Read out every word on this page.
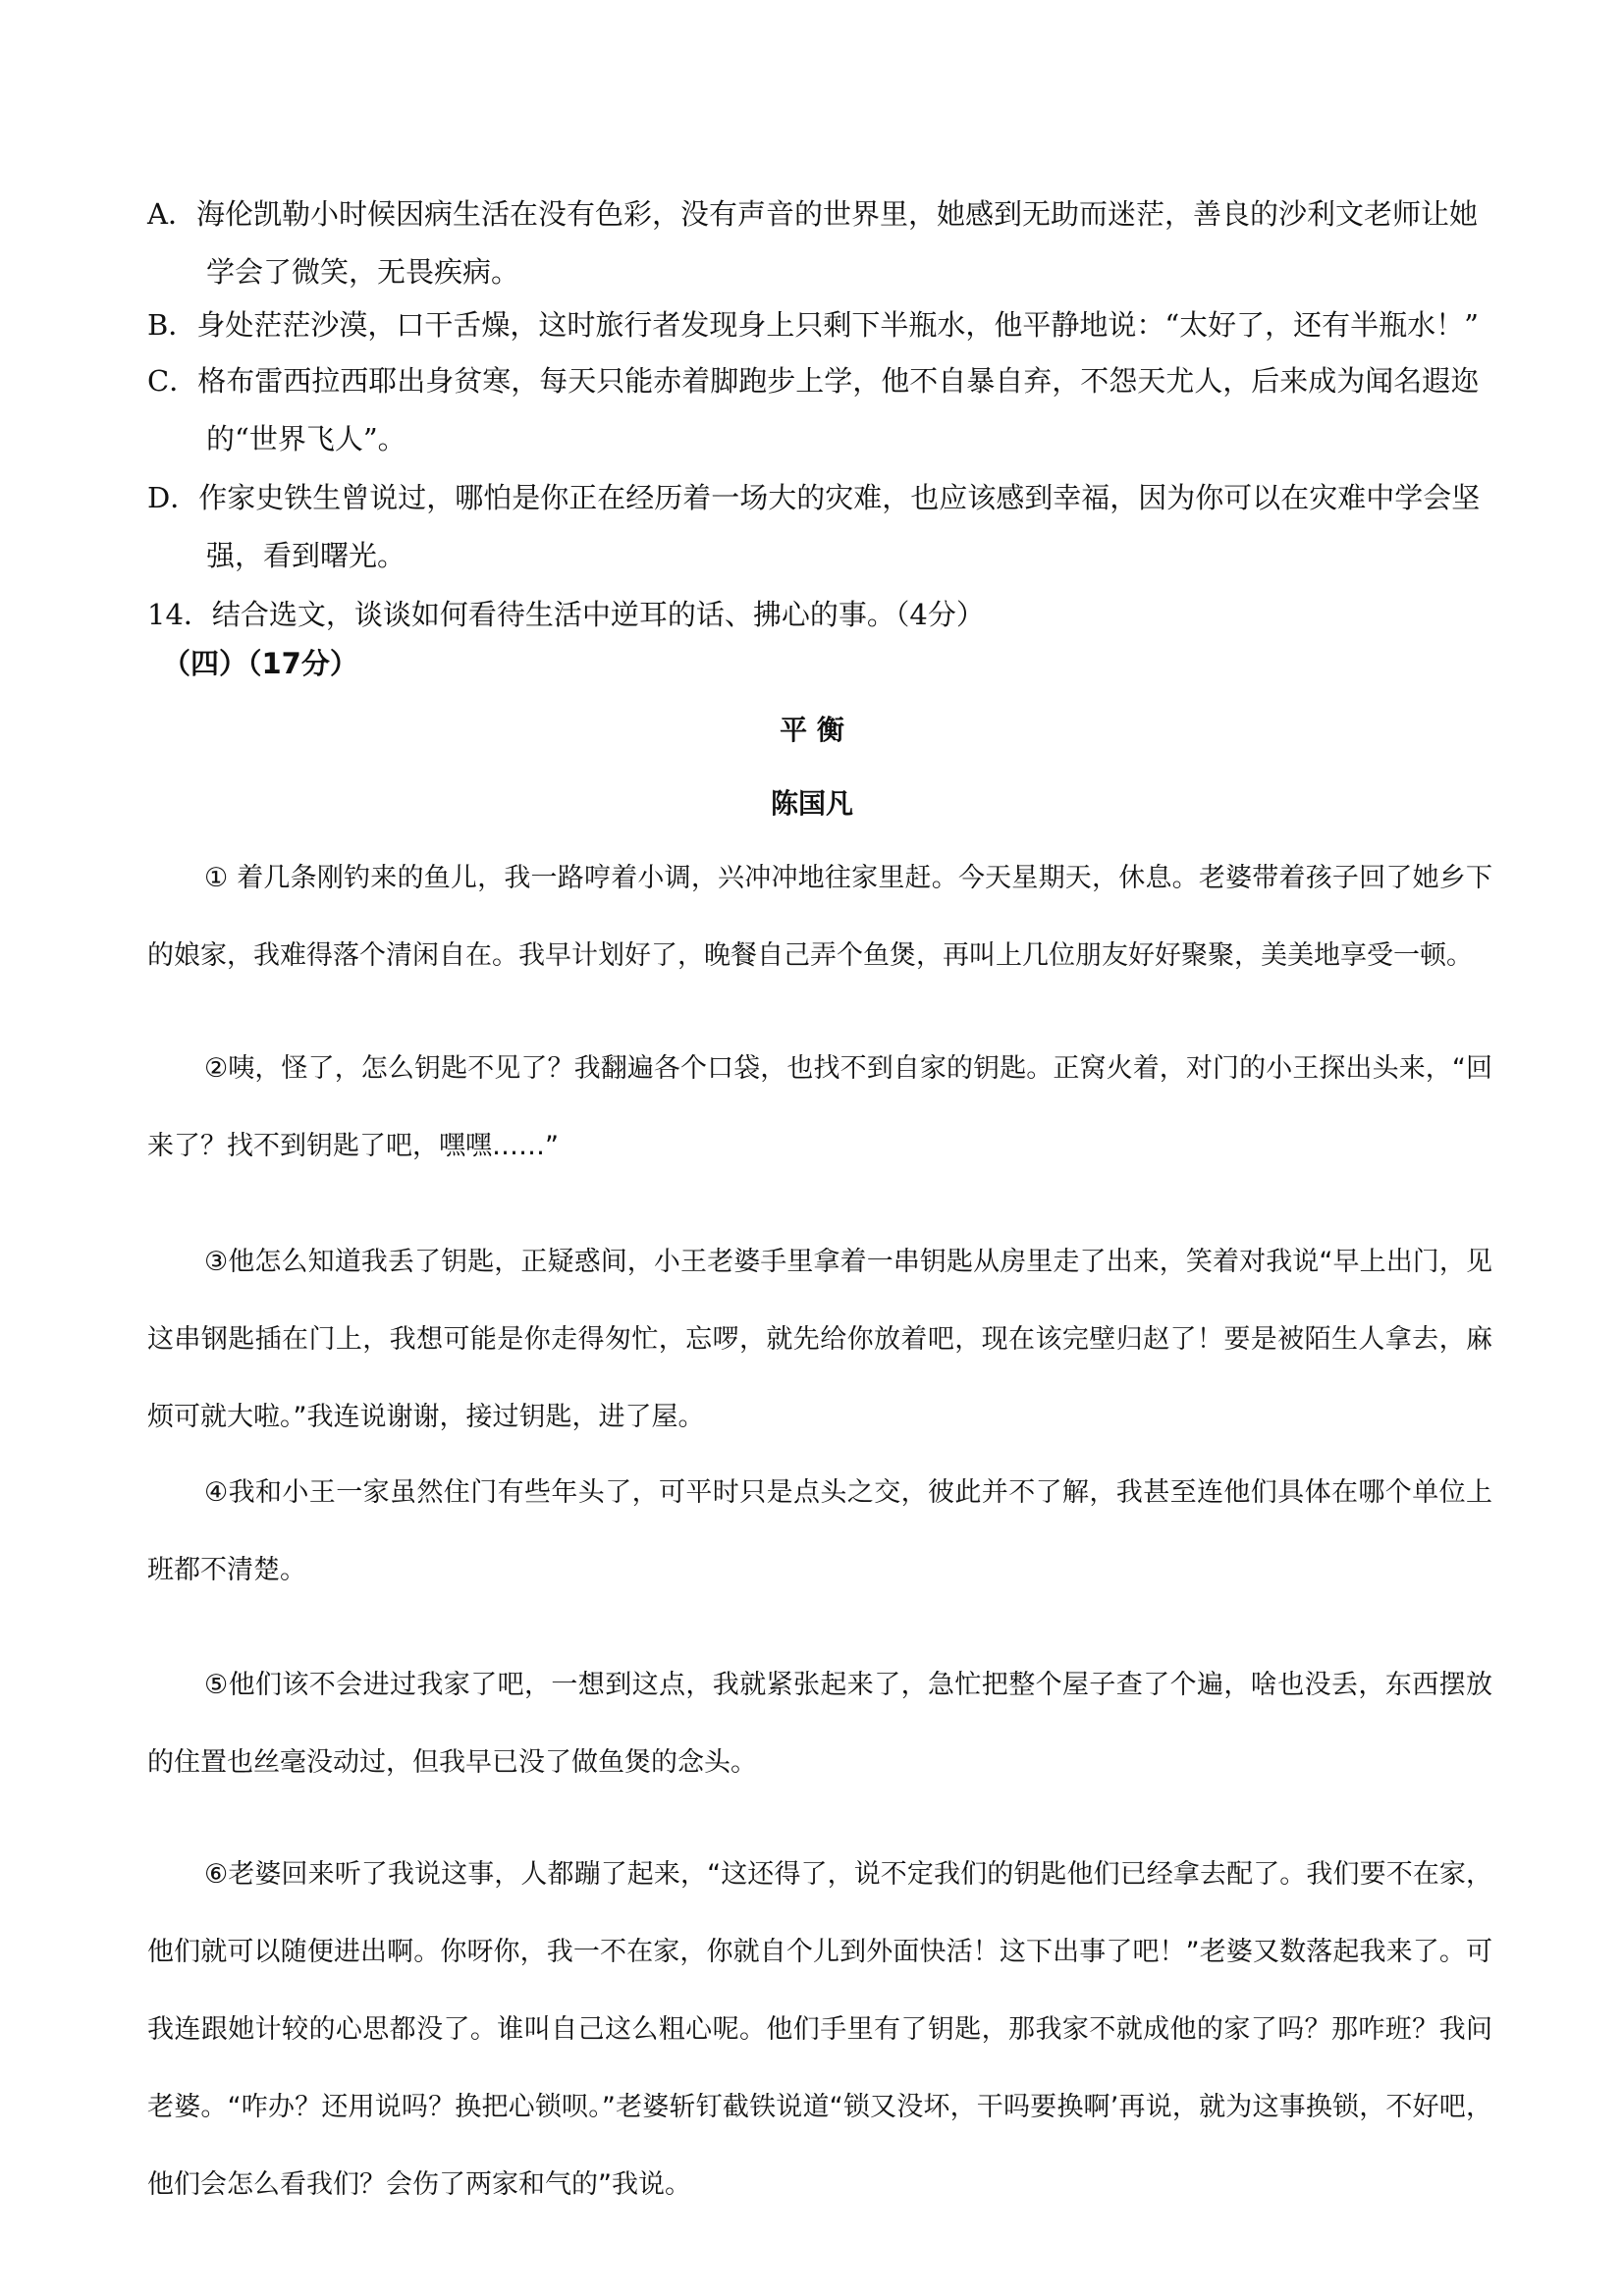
A．海伦凯勒小时候因病生活在没有色彩，没有声音的世界里，她感到无助而迷茫，善良的沙利文老师让她
学会了微笑，无畏疾病。
B．身处茫茫沙漠，口干舌燥，这时旅行者发现身上只剩下半瓶水，他平静地说：“太好了，还有半瓶水！”
C．格布雷西拉西耶出身贫寒，每天只能赤着脚跑步上学，他不自暴自弃，不怨天尤人，后来成为闻名遐迩
的“世界飞人”。
D．作家史铁生曾说过，哪怕是你正在经历着一场大的灾难，也应该感到幸福，因为你可以在灾难中学会坚
强，看到曙光。
14．结合选文，谈谈如何看待生活中逆耳的话、拂心的事。（4分）
（四）（17分）
平 衡
陈国凡
① 着几条刚钓来的鱼儿，我一路哼着小调，兴冲冲地往家里赶。今天星期天，休息。老婆带着孩子回了她乡下的娘家，我难得落个清闲自在。我早计划好了，晚餐自己弄个鱼煲，再叫上几位朋友好好聚聚，美美地享受一顿。
②咦，怪了，怎么钥匙不见了？我翻遍各个口袋，也找不到自家的钥匙。正窝火着，对门的小王探出头来，“回来了？找不到钥匙了吧，嘿嘿……”
③他怎么知道我丢了钥匙，正疑惑间，小王老婆手里拿着一串钥匙从房里走了出来，笑着对我说“早上出门，见这串钢匙插在门上，我想可能是你走得匆忙，忘啰，就先给你放着吧，现在该完壁归赵了！要是被陌生人拿去，麻烦可就大啦。”我连说谢谢，接过钥匙，进了屋。
④我和小王一家虽然住门有些年头了，可平时只是点头之交，彼此并不了解，我甚至连他们具体在哪个单位上班都不清楚。
⑤他们该不会进过我家了吧，一想到这点，我就紧张起来了，急忙把整个屋子查了个遍，啥也没丢，东西摆放的住置也丝毫没动过，但我早已没了做鱼煲的念头。
⑥老婆回来听了我说这事，人都蹦了起来，“这还得了，说不定我们的钥匙他们已经拿去配了。我们要不在家，他们就可以随便进出啊。你呀你，我一不在家，你就自个儿到外面快活！这下出事了吧！”老婆又数落起我来了。可我连跟她计较的心思都没了。谁叫自己这么粗心呢。他们手里有了钥匙，那我家不就成他的家了吗？那咋班？我问老婆。“咋办？还用说吗？换把心锁呗。”老婆斩钉截铁说道“锁又没坏，干吗要换啊’再说，就为这事换锁，不好吧，他们会怎么看我们？会伤了两家和气的”我说。
